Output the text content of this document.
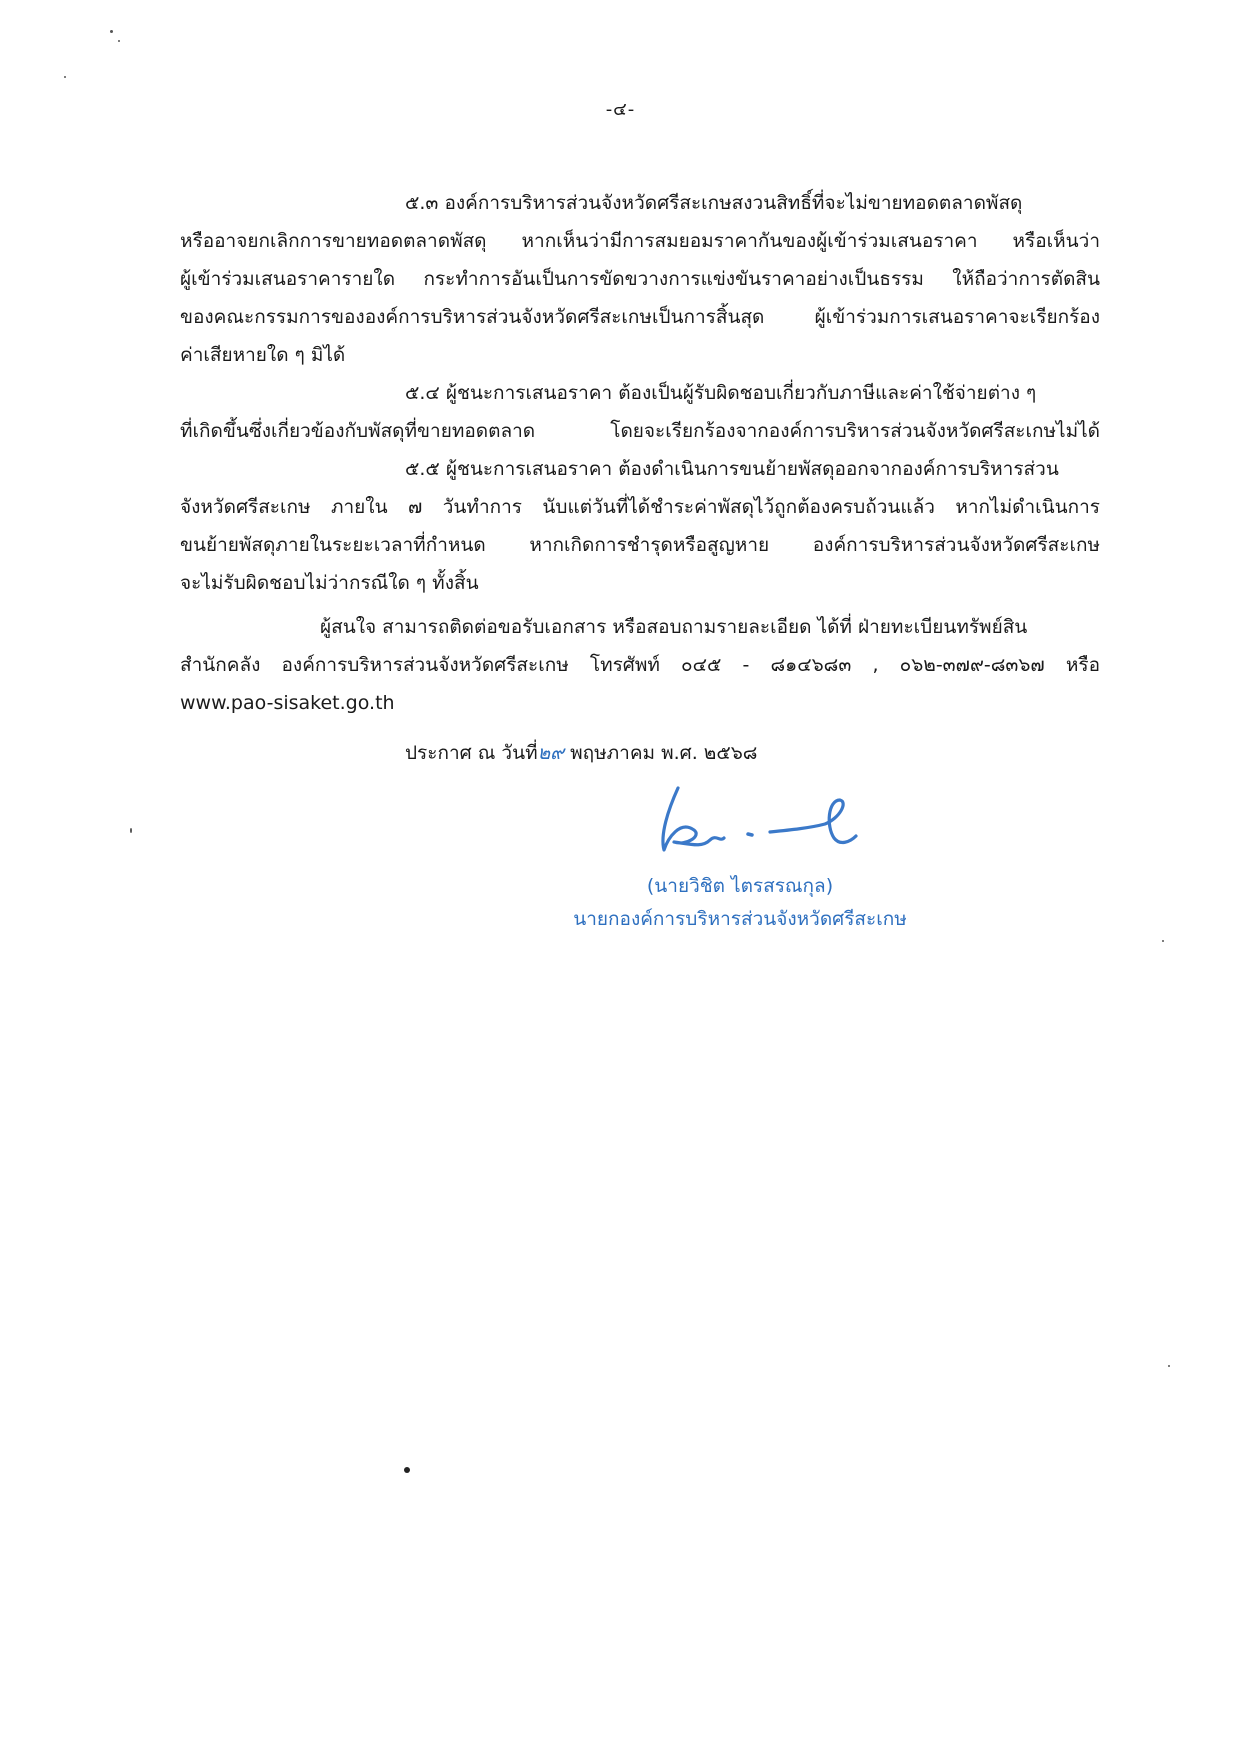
-๔-
๕.๓ องค์การบริหารส่วนจังหวัดศรีสะเกษสงวนสิทธิ์ที่จะไม่ขายทอดตลาดพัสดุ
หรืออาจยกเลิกการขายทอดตลาดพัสดุ หากเห็นว่ามีการสมยอมราคากันของผู้เข้าร่วมเสนอราคา หรือเห็นว่า
ผู้เข้าร่วมเสนอราคารายใด กระทำการอันเป็นการขัดขวางการแข่งขันราคาอย่างเป็นธรรม ให้ถือว่าการตัดสิน
ของคณะกรรมการขององค์การบริหารส่วนจังหวัดศรีสะเกษเป็นการสิ้นสุด ผู้เข้าร่วมการเสนอราคาจะเรียกร้อง
ค่าเสียหายใด ๆ มิได้
๕.๔ ผู้ชนะการเสนอราคา ต้องเป็นผู้รับผิดชอบเกี่ยวกับภาษีและค่าใช้จ่ายต่าง ๆ
ที่เกิดขึ้นซึ่งเกี่ยวข้องกับพัสดุที่ขายทอดตลาด โดยจะเรียกร้องจากองค์การบริหารส่วนจังหวัดศรีสะเกษไม่ได้
๕.๕ ผู้ชนะการเสนอราคา ต้องดำเนินการขนย้ายพัสดุออกจากองค์การบริหารส่วน
จังหวัดศรีสะเกษ ภายใน ๗ วันทำการ นับแต่วันที่ได้ชำระค่าพัสดุไว้ถูกต้องครบถ้วนแล้ว หากไม่ดำเนินการ
ขนย้ายพัสดุภายในระยะเวลาที่กำหนด หากเกิดการชำรุดหรือสูญหาย องค์การบริหารส่วนจังหวัดศรีสะเกษ
จะไม่รับผิดชอบไม่ว่ากรณีใด ๆ ทั้งสิ้น
ผู้สนใจ สามารถติดต่อขอรับเอกสาร หรือสอบถามรายละเอียด ได้ที่ ฝ่ายทะเบียนทรัพย์สิน
สำนักคลัง องค์การบริหารส่วนจังหวัดศรีสะเกษ โทรศัพท์ ๐๔๕ - ๘๑๔๖๘๓ , ๐๖๒-๓๗๙-๘๓๖๗ หรือ
www.pao-sisaket.go.th
ประกาศ ณ วันที่๒๙ พฤษภาคม พ.ศ. ๒๕๖๘
(นายวิชิต ไตรสรณกุล)
นายกองค์การบริหารส่วนจังหวัดศรีสะเกษ
